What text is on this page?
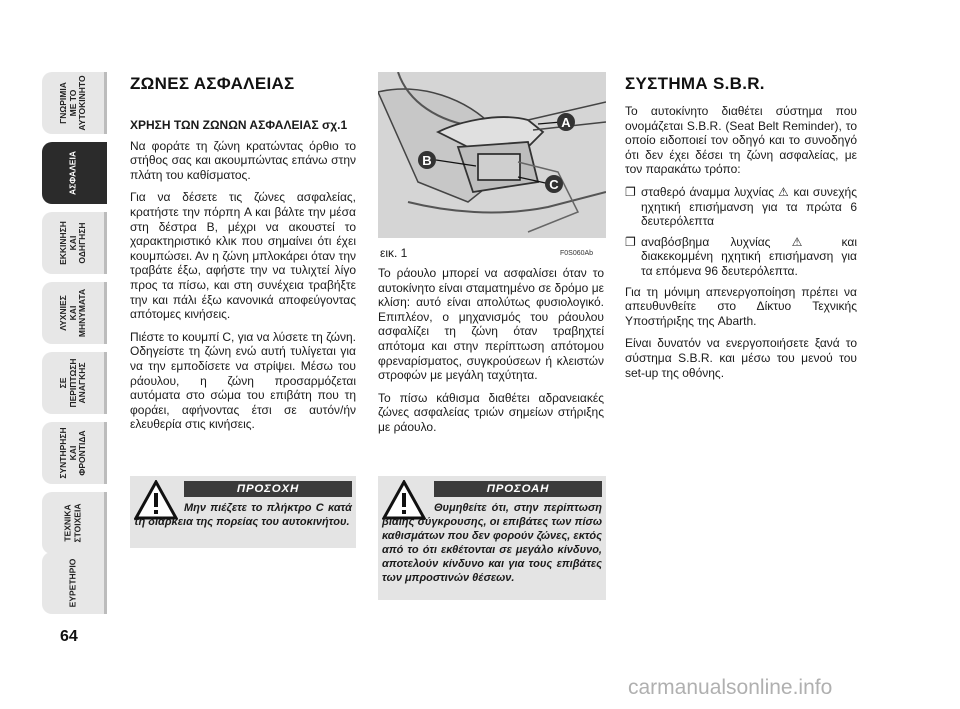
ΓΝΩΡΙΜΙΑ
ΜΕ ΤΟ
ΑΥΤΟΚΙΝΗΤΟ
ΑΣΦΑΛΕΙΑ
ΕΚΚΙΝΗΣΗ
ΚΑΙ
ΟΔΗΓΗΣΗ
ΛΥΧΝΙΕΣ
ΚΑΙ
ΜΗΝΥΜΑΤΑ
ΣΕ
ΠΕΡΙΠΤΩΣΗ
ΑΝΑΓΚΗΣ
ΣΥΝΤΗΡΗΣΗ
ΚΑΙ
ΦΡΟΝΤΙΔΑ
ΤΕΧΝΙΚΑ
ΣΤΟΙΧΕΙΑ
ΕΥΡΕΤΗΡΙΟ
64
ΖΩΝΕΣ ΑΣΦΑΛΕΙΑΣ
ΧΡΗΣΗ ΤΩΝ ΖΩΝΩΝ ΑΣΦΑΛΕΙΑΣ σχ.1

Να φοράτε τη ζώνη κρατώντας όρθιο το στήθος σας και ακουμπώντας επάνω στην πλάτη του καθίσματος.

Για να δέσετε τις ζώνες ασφαλείας, κρατήστε την πόρπη A και βάλτε την μέσα στη δέστρα B, μέχρι να ακουστεί το χαρακτηριστικό κλικ που σημαίνει ότι έχει κουμπώσει. Αν η ζώνη μπλοκάρει όταν την τραβάτε έξω, αφήστε την να τυλιχτεί λίγο προς τα πίσω, και στη συνέχεια τραβήξτε την και πάλι έξω κανονικά αποφεύγοντας απότομες κινήσεις.

Πιέστε το κουμπί C, για να λύσετε τη ζώνη. Οδηγείστε τη ζώνη ενώ αυτή τυλίγεται για να την εμποδίσετε να στρίψει. Μέσω του ράουλου, η ζώνη προσαρμόζεται αυτόματα στο σώμα του επιβάτη που τη φοράει, αφήνοντας έτσι σε αυτόν/ήν ελευθερία στις κινήσεις.

A
B
C
εικ. 1	F0S060Ab

Το ράουλο μπορεί να ασφαλίσει όταν το αυτοκίνητο είναι σταματημένο σε δρόμο με κλίση: αυτό είναι απολύτως φυσιολογικό. Επιπλέον, ο μηχανισμός του ράουλου ασφαλίζει τη ζώνη όταν τραβηχτεί απότομα και στην περίπτωση απότομου φρεναρίσματος, συγκρούσεων ή κλειστών στροφών με μεγάλη ταχύτητα.

Το πίσω κάθισμα διαθέτει αδρανειακές ζώνες ασφαλείας τριών σημείων στήριξης με ράουλο.

ΣΥΣΤΗΜΑ S.B.R.

Το αυτοκίνητο διαθέτει σύστημα που ονομάζεται S.B.R. (Seat Belt Reminder), το οποίο ειδοποιεί τον οδηγό και το συνοδηγό ότι δεν έχει δέσει τη ζώνη ασφαλείας, με τον παρακάτω τρόπο:

❐ σταθερό άναμμα λυχνίας ⚠ και συνεχής ηχητική επισήμανση για τα πρώτα 6 δευτερόλεπτα
❐ αναβόσβημα λυχνίας ⚠ και διακεκομμένη ηχητική επισήμανση για τα επόμενα 96 δευτερόλεπτα.

Για τη μόνιμη απενεργοποίηση πρέπει να απευθυνθείτε στο Δίκτυο Τεχνικής Υποστήριξης της Abarth.

Είναι δυνατόν να ενεργοποιήσετε ξανά το σύστημα S.B.R. και μέσω του μενού του set-up της οθόνης.

ΠΡΟΣΟΧΗ
Μην πιέζετε το πλήκτρο C κατά τη διάρκεια της πορείας του αυτοκινήτου.
ΠΡΟΣΟΑΗ
Θυμηθείτε ότι, στην περίπτωση βίαιης σύγκρουσης, οι επιβάτες των πίσω καθισμάτων που δεν φορούν ζώνες, εκτός από το ότι εκθέτονται σε μεγάλο κίνδυνο, αποτελούν κίνδυνο και για τους επιβάτες των μπροστινών θέσεων.
carmanualsonline.info
